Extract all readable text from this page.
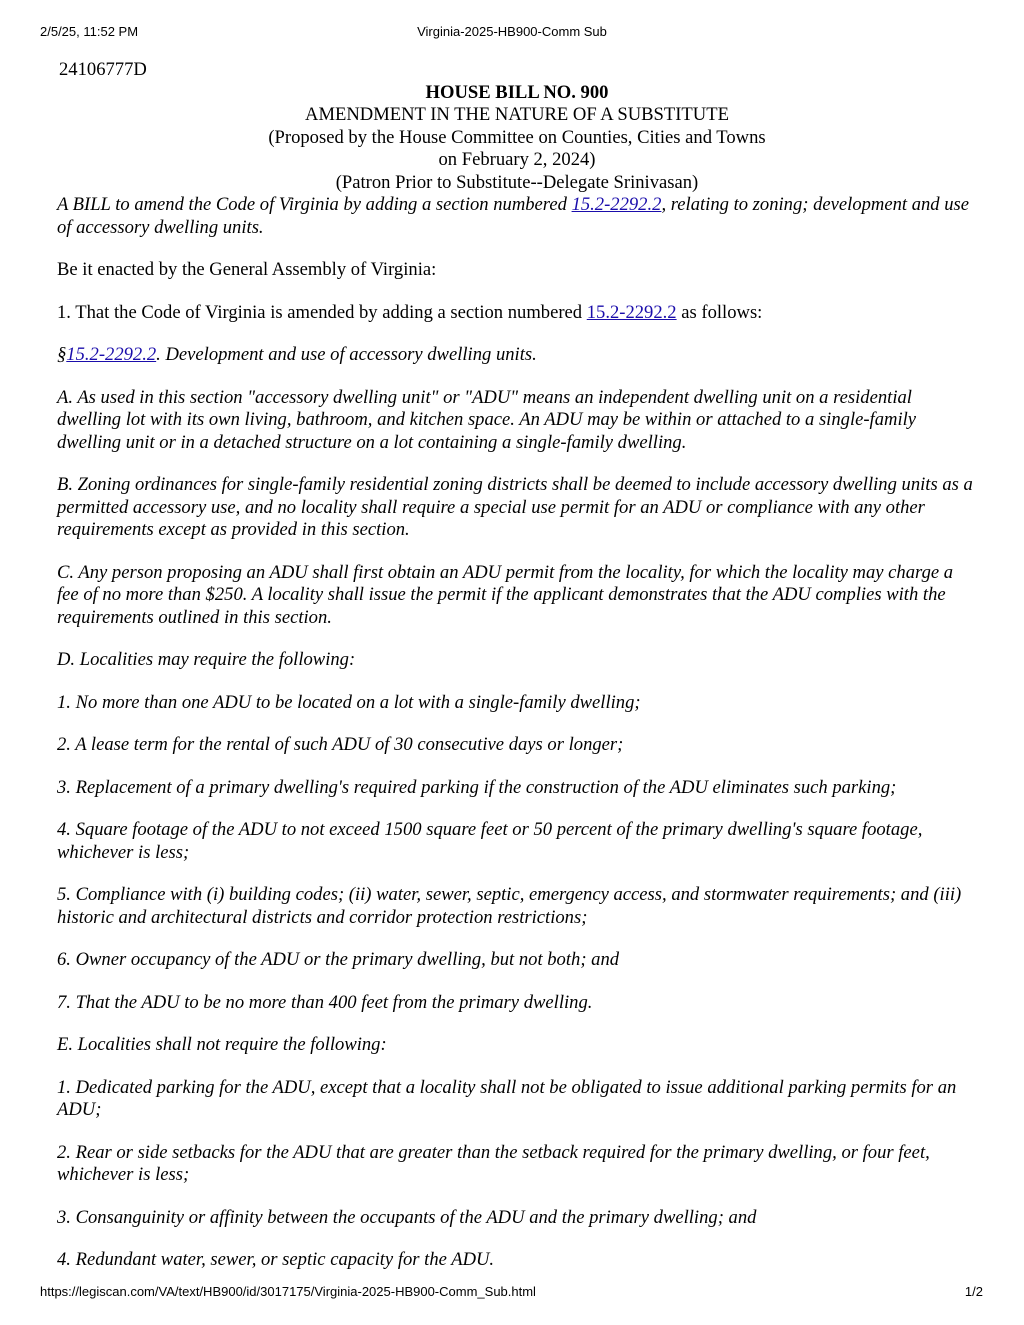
2/5/25, 11:52 PM	Virginia-2025-HB900-Comm Sub
24106777D
HOUSE BILL NO. 900
AMENDMENT IN THE NATURE OF A SUBSTITUTE
(Proposed by the House Committee on Counties, Cities and Towns
on February 2, 2024)
(Patron Prior to Substitute--Delegate Srinivasan)

A BILL to amend the Code of Virginia by adding a section numbered 15.2-2292.2, relating to zoning; development and use of accessory dwelling units.

Be it enacted by the General Assembly of Virginia:

1. That the Code of Virginia is amended by adding a section numbered 15.2-2292.2 as follows:

§15.2-2292.2. Development and use of accessory dwelling units.

A. As used in this section "accessory dwelling unit" or "ADU" means an independent dwelling unit on a residential dwelling lot with its own living, bathroom, and kitchen space. An ADU may be within or attached to a single-family dwelling unit or in a detached structure on a lot containing a single-family dwelling.

B. Zoning ordinances for single-family residential zoning districts shall be deemed to include accessory dwelling units as a permitted accessory use, and no locality shall require a special use permit for an ADU or compliance with any other requirements except as provided in this section.

C. Any person proposing an ADU shall first obtain an ADU permit from the locality, for which the locality may charge a fee of no more than $250. A locality shall issue the permit if the applicant demonstrates that the ADU complies with the requirements outlined in this section.

D. Localities may require the following:

1. No more than one ADU to be located on a lot with a single-family dwelling;

2. A lease term for the rental of such ADU of 30 consecutive days or longer;

3. Replacement of a primary dwelling's required parking if the construction of the ADU eliminates such parking;

4. Square footage of the ADU to not exceed 1500 square feet or 50 percent of the primary dwelling's square footage, whichever is less;

5. Compliance with (i) building codes; (ii) water, sewer, septic, emergency access, and stormwater requirements; and (iii) historic and architectural districts and corridor protection restrictions;

6. Owner occupancy of the ADU or the primary dwelling, but not both; and

7. That the ADU to be no more than 400 feet from the primary dwelling.

E. Localities shall not require the following:

1. Dedicated parking for the ADU, except that a locality shall not be obligated to issue additional parking permits for an ADU;

2. Rear or side setbacks for the ADU that are greater than the setback required for the primary dwelling, or four feet, whichever is less;

3. Consanguinity or affinity between the occupants of the ADU and the primary dwelling; and

4. Redundant water, sewer, or septic capacity for the ADU.

https://legiscan.com/VA/text/HB900/id/3017175/Virginia-2025-HB900-Comm_Sub.html	1/2
